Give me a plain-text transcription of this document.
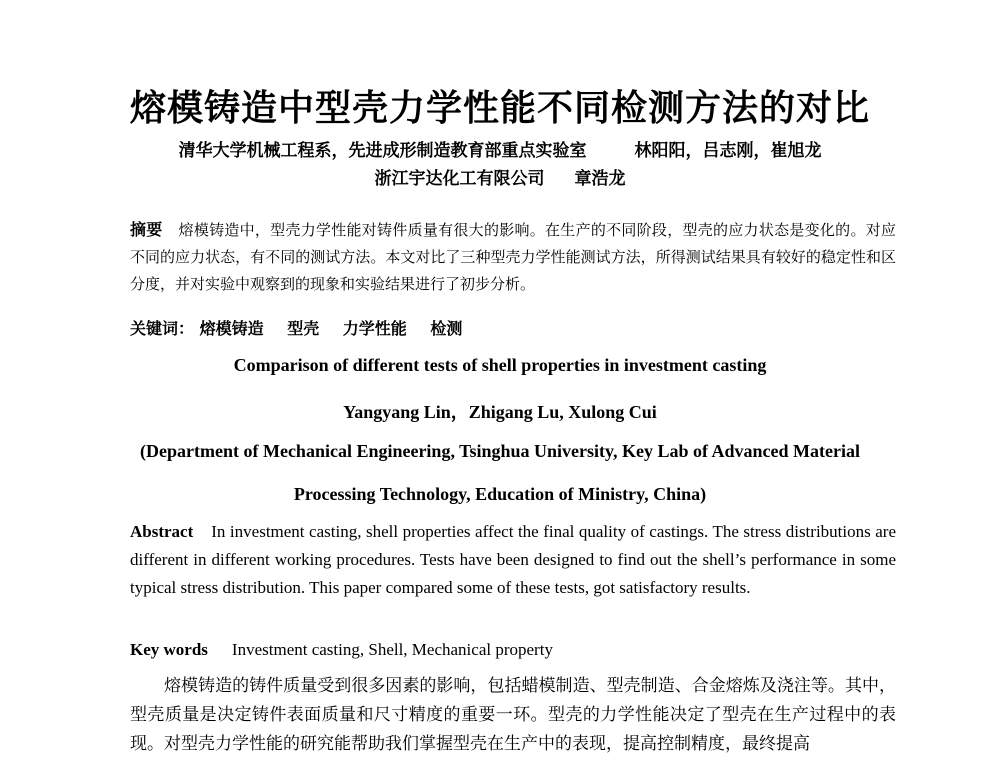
熔模铸造中型壳力学性能不同检测方法的对比
清华大学机械工程系，先进成形制造教育部重点实验室	林阳阳，吕志刚，崔旭龙
浙江宇达化工有限公司 章浩龙
摘要 熔模铸造中，型壳力学性能对铸件质量有很大的影响。在生产的不同阶段，型壳的应力状态是变化的。对应不同的应力状态，有不同的测试方法。本文对比了三种型壳力学性能测试方法，所得测试结果具有较好的稳定性和区分度，并对实验中观察到的现象和实验结果进行了初步分析。
关键词： 熔模铸造 型壳 力学性能 检测
Comparison of different tests of shell properties in investment casting
Yangyang Lin，Zhigang Lu, Xulong Cui
(Department of Mechanical Engineering, Tsinghua University, Key Lab of Advanced Material
Processing Technology, Education of Ministry, China)
Abstract In investment casting, shell properties affect the final quality of castings. The stress distributions are different in different working procedures. Tests have been designed to find out the shell’s performance in some typical stress distribution. This paper compared some of these tests, got satisfactory results.
Key words Investment casting, Shell, Mechanical property
熔模铸造的铸件质量受到很多因素的影响，包括蜡模制造、型壳制造、合金熔炼及浇注等。其中，型壳质量是决定铸件表面质量和尺寸精度的重要一环。型壳的力学性能决定了型壳在生产过程中的表现。对型壳力学性能的研究能帮助我们掌握型壳在生产中的表现，提高控制精度，最终提高
